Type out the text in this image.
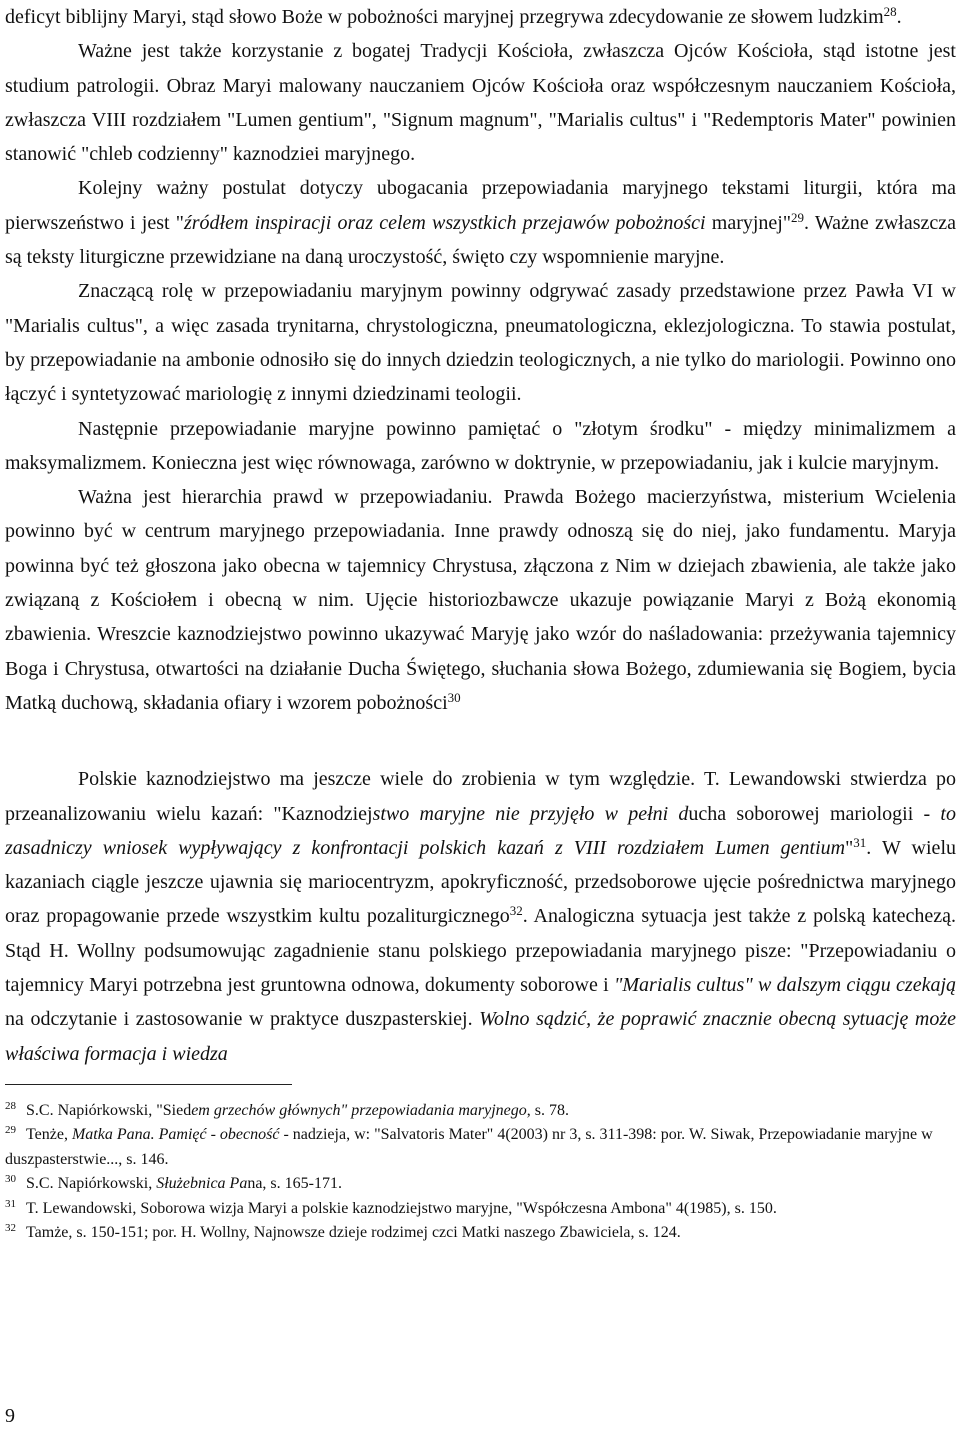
deficyt biblijny Maryi, stąd słowo Boże w pobożności maryjnej przegrywa zdecydowanie ze słowem ludzkim$^{28}$.

Ważne jest także korzystanie z bogatej Tradycji Kościoła, zwłaszcza Ojców Kościoła, stąd istotne jest studium patrologii. Obraz Maryi malowany nauczaniem Ojców Kościoła oraz współczesnym nauczaniem Kościoła, zwłaszcza VIII rozdziałem "Lumen gentium", "Signum magnum", "Marialis cultus" i "Redemptoris Mater" powinien stanowić "chleb codzienny" kaznodziei maryjnego.

Kolejny ważny postulat dotyczy ubogacania przepowiadania maryjnego tekstami liturgii, która ma pierwszeństwo i jest "źródłem inspiracji oraz celem wszystkich przejawów pobożności maryjnej"$^{29}$. Ważne zwłaszcza są teksty liturgiczne przewidziane na daną uroczystość, święto czy wspomnienie maryjne.

Znaczącą rolę w przepowiadaniu maryjnym powinny odgrywać zasady przedstawione przez Pawła VI w "Marialis cultus", a więc zasada trynitarna, chrystologiczna, pneumatologiczna, eklezjologiczna. To stawia postulat, by przepowiadanie na ambonie odnosiło się do innych dziedzin teologicznych, a nie tylko do mariologii. Powinno ono łączyć i syntetyzować mariologię z innymi dziedzinami teologii.

Następnie przepowiadanie maryjne powinno pamiętać o "złotym środku" - między minimalizmem a maksymalizmem. Konieczna jest więc równowaga, zarówno w doktrynie, w przepowiadaniu, jak i kulcie maryjnym.

Ważna jest hierarchia prawd w przepowiadaniu. Prawda Bożego macierzyństwa, misterium Wcielenia powinno być w centrum maryjnego przepowiadania. Inne prawdy odnoszą się do niej, jako fundamentu. Maryja powinna być też głoszona jako obecna w tajemnicy Chrystusa, złączona z Nim w dziejach zbawienia, ale także jako związaną z Kościołem i obecną w nim. Ujęcie historiozbawcze ukazuje powiązanie Maryi z Bożą ekonomią zbawienia. Wreszcie kaznodziejstwo powinno ukazywać Maryję jako wzór do naśladowania: przeżywania tajemnicy Boga i Chrystusa, otwartości na działanie Ducha Świętego, słuchania słowa Bożego, zdumiewania się Bogiem, bycia Matką duchową, składania ofiary i wzorem pobożności$^{30}$

Polskie kaznodziejstwo ma jeszcze wiele do zrobienia w tym względzie. T. Lewandowski stwierdza po przeanalizowaniu wielu kazań: "Kaznodziejstwo maryjne nie przyjęło w pełni ducha soborowej mariologii - to zasadniczy wniosek wypływający z konfrontacji polskich kazań z VIII rozdziałem Lumen gentium"$^{31}$. W wielu kazaniach ciągle jeszcze ujawnia się mariocentryzm, apokryficzność, przedsoborowe ujęcie pośrednictwa maryjnego oraz propagowanie przede wszystkim kultu pozaliturgicznego$^{32}$. Analogiczna sytuacja jest także z polską katechezą. Stąd H. Wollny podsumowując zagadnienie stanu polskiego przepowiadania maryjnego pisze: "Przepowiadaniu o tajemnicy Maryi potrzebna jest gruntowna odnowa, dokumenty soborowe i "Marialis cultus" w dalszym ciągu czekają na odczytanie i zastosowanie w praktyce duszpasterskiej. Wolno sądzić, że poprawić znacznie obecną sytuację może właściwa formacja i wiedza

$^{28}$ S.C. Napiórkowski, "Siedem grzechów głównych" przepowiadania maryjnego, s. 78.

$^{29}$ Tenże, Matka Pana. Pamięć - obecność - nadzieja, w: "Salvatoris Mater" 4(2003) nr 3, s. 311-398: por. W. Siwak, Przepowiadanie maryjne w duszpasterstwie..., s. 146.

$^{30}$ S.C. Napiórkowski, Służebnica Pana, s. 165-171.

$^{31}$ T. Lewandowski, Soborowa wizja Maryi a polskie kaznodziejstwo maryjne, "Współczesna Ambona" 4(1985), s. 150.

$^{32}$ Tamże, s. 150-151; por. H. Wollny, Najnowsze dzieje rodzimej czci Matki naszego Zbawiciela, s. 124.

9
